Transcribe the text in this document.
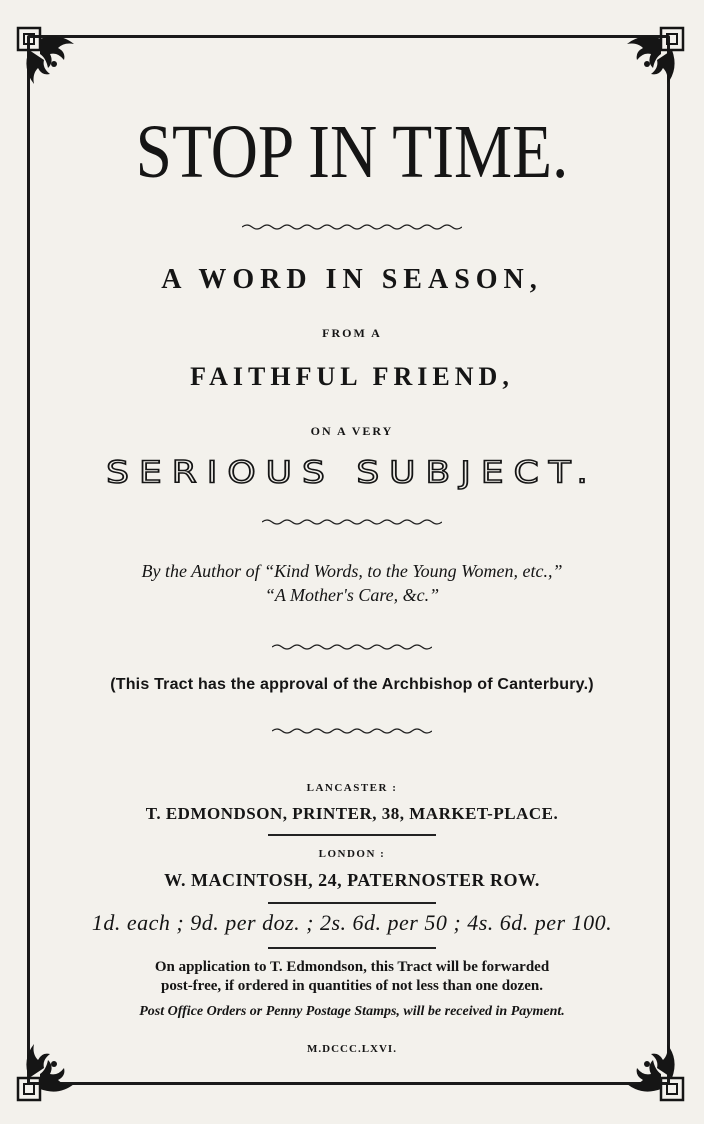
STOP IN TIME.
A WORD IN SEASON,
FROM A
FAITHFUL FRIEND,
ON A VERY
SERIOUS SUBJECT.
By the Author of “Kind Words, to the Young Women, etc.,”
“A Mother's Care, &c.”
(This Tract has the approval of the Archbishop of Canterbury.)
LANCASTER :
T. EDMONDSON, PRINTER, 38, MARKET-PLACE.
LONDON :
W. MACINTOSH, 24, PATERNOSTER ROW.
1d. each ; 9d. per doz. ; 2s. 6d. per 50 ; 4s. 6d. per 100.
On application to T. Edmondson, this Tract will be forwarded
post-free, if ordered in quantities of not less than one dozen.
Post Office Orders or Penny Postage Stamps, will be received in Payment.
M.DCCC.LXVI.
